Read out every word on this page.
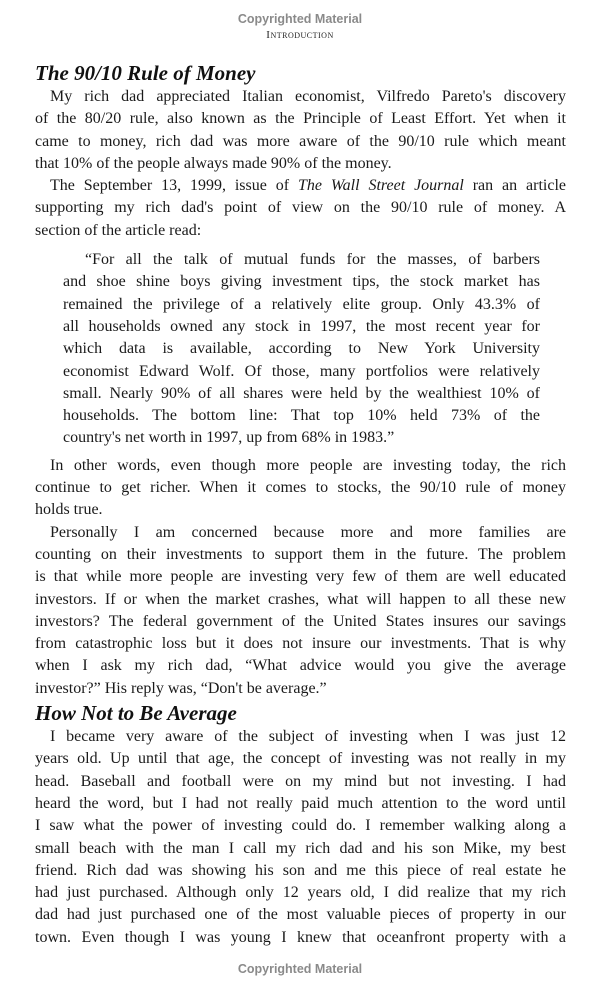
Copyrighted Material
Introduction
The 90/10 Rule of Money
My rich dad appreciated Italian economist, Vilfredo Pareto's discovery
of the 80/20 rule, also known as the Principle of Least Effort. Yet when it
came to money, rich dad was more aware of the 90/10 rule which meant
that 10% of the people always made 90% of the money.
The September 13, 1999, issue of The Wall Street Journal ran an article
supporting my rich dad's point of view on the 90/10 rule of money. A
section of the article read:
“For all the talk of mutual funds for the masses, of barbers
and shoe shine boys giving investment tips, the stock market has
remained the privilege of a relatively elite group. Only 43.3% of
all households owned any stock in 1997, the most recent year for
which data is available, according to New York University
economist Edward Wolf. Of those, many portfolios were relatively
small. Nearly 90% of all shares were held by the wealthiest 10% of
households. The bottom line: That top 10% held 73% of the
country's net worth in 1997, up from 68% in 1983.”
In other words, even though more people are investing today, the rich
continue to get richer. When it comes to stocks, the 90/10 rule of money
holds true.
Personally I am concerned because more and more families are
counting on their investments to support them in the future. The problem
is that while more people are investing very few of them are well educated
investors. If or when the market crashes, what will happen to all these new
investors? The federal government of the United States insures our savings
from catastrophic loss but it does not insure our investments. That is why
when I ask my rich dad, “What advice would you give the average
investor?” His reply was, “Don't be average.”
How Not to Be Average
I became very aware of the subject of investing when I was just 12
years old. Up until that age, the concept of investing was not really in my
head. Baseball and football were on my mind but not investing. I had
heard the word, but I had not really paid much attention to the word until
I saw what the power of investing could do. I remember walking along a
small beach with the man I call my rich dad and his son Mike, my best
friend. Rich dad was showing his son and me this piece of real estate he
had just purchased. Although only 12 years old, I did realize that my rich
dad had just purchased one of the most valuable pieces of property in our
town. Even though I was young I knew that oceanfront property with a
Copyrighted Material
